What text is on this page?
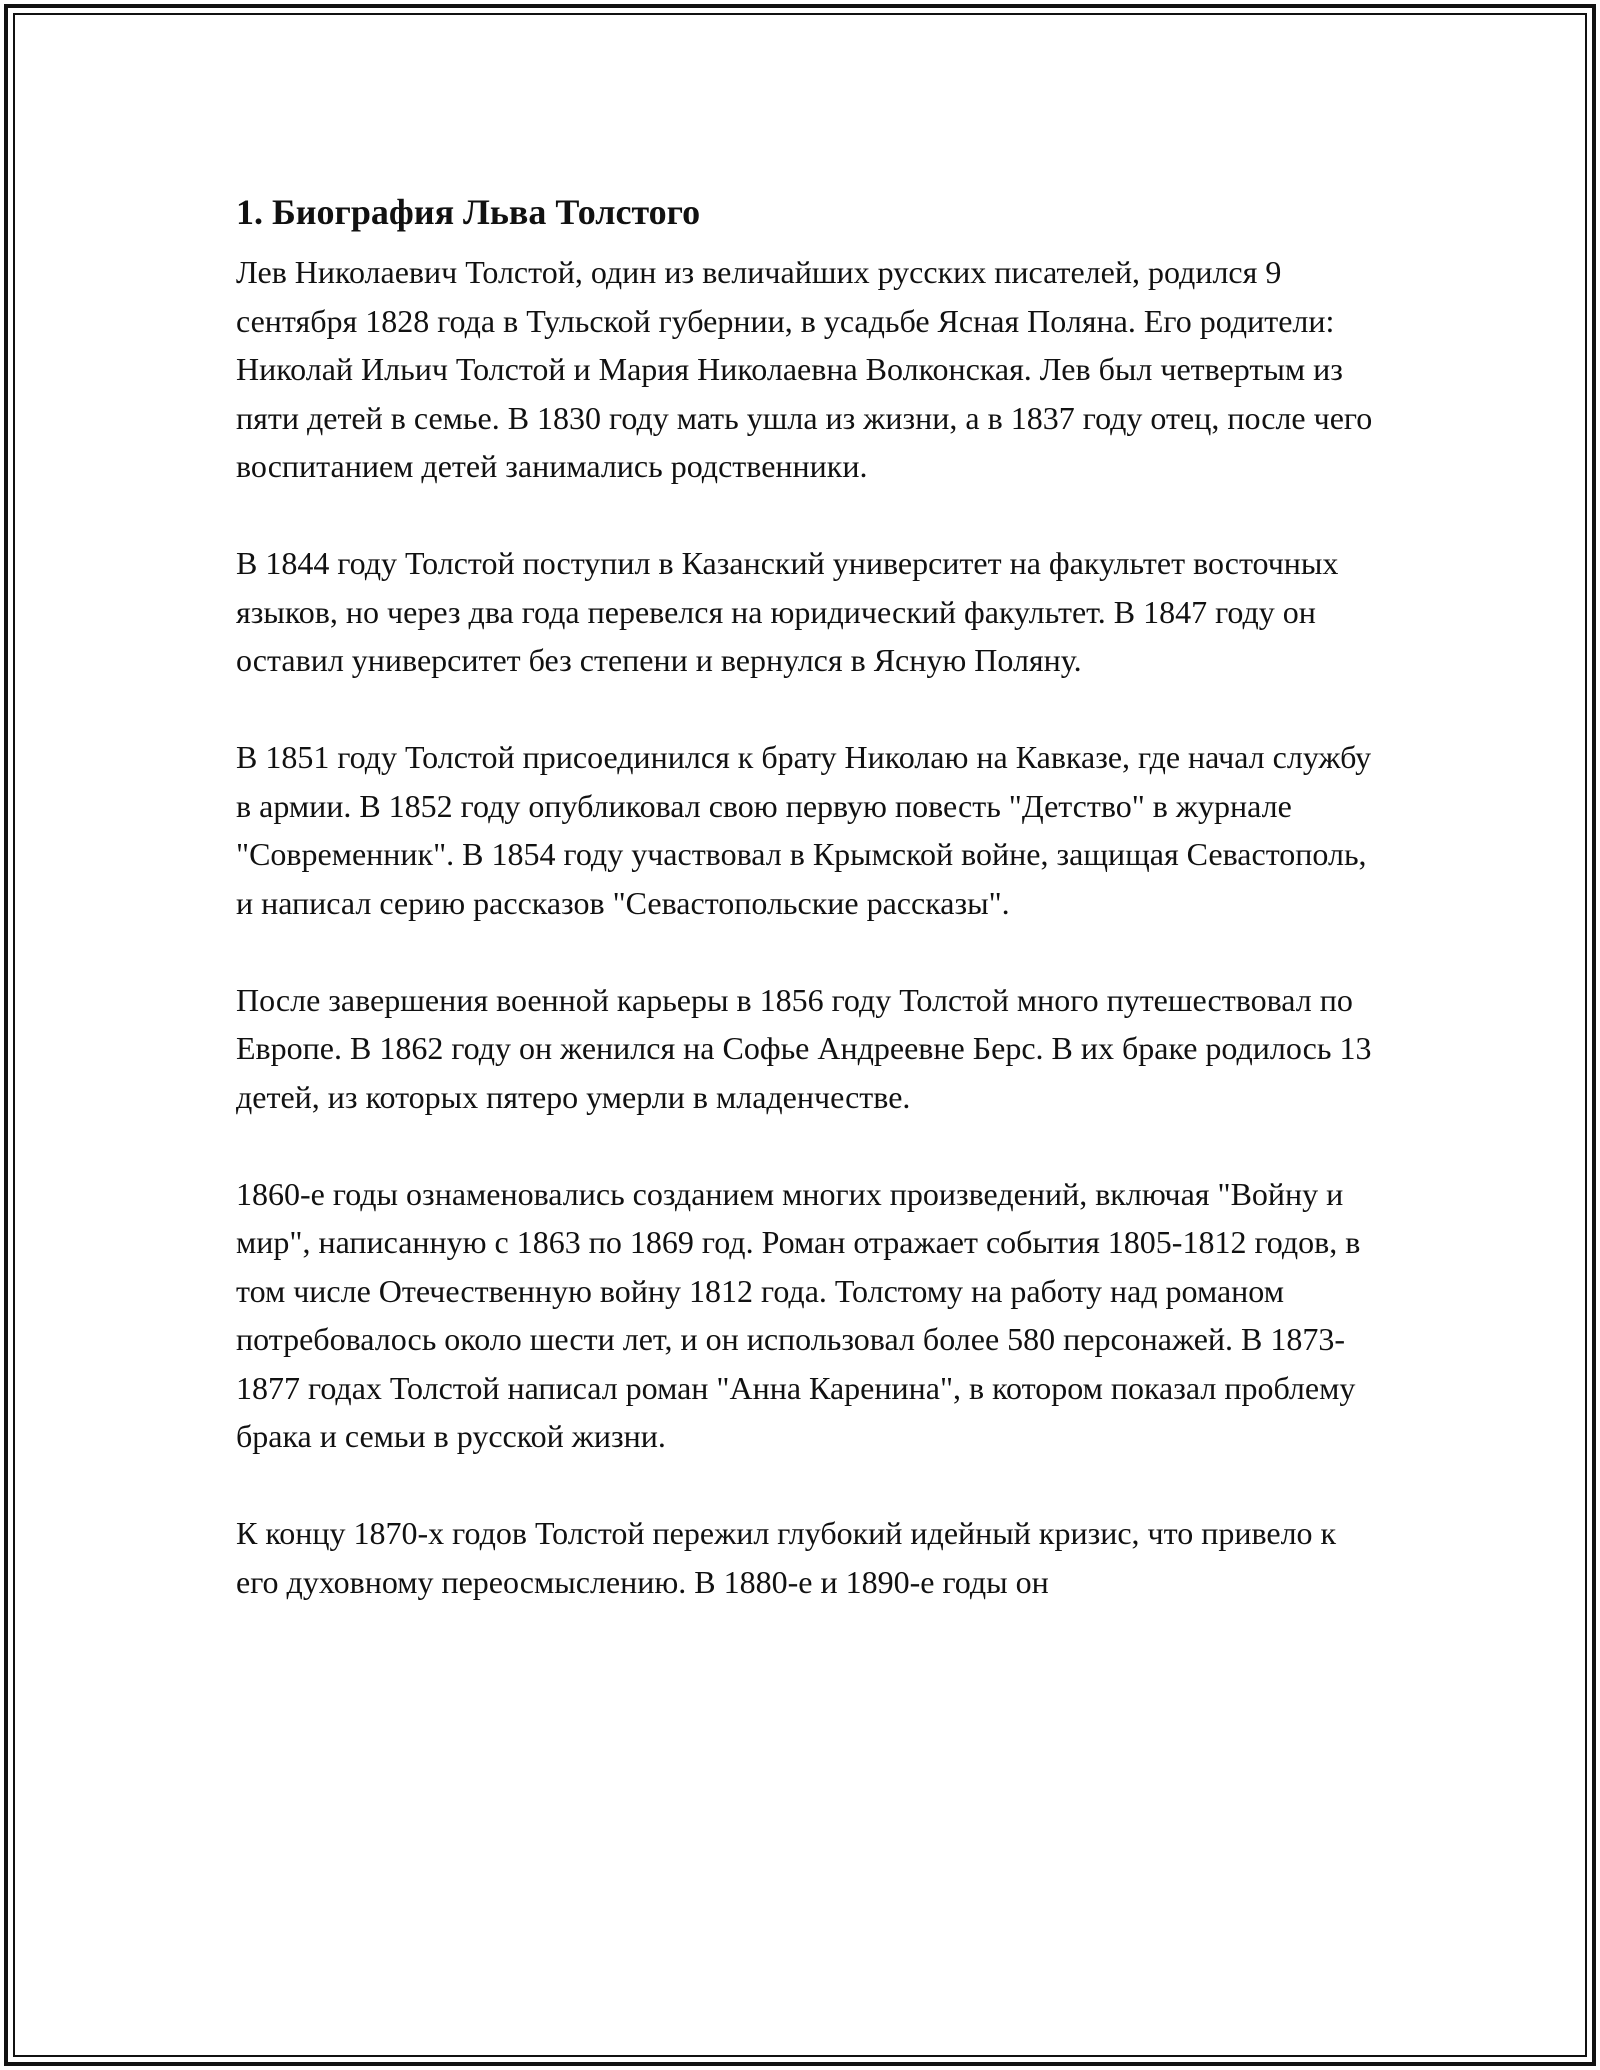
1. Биография Льва Толстого

Лев Николаевич Толстой, один из величайших русских писателей, родился 9 сентября 1828 года в Тульской губернии, в усадьбе Ясная Поляна. Его родители: Николай Ильич Толстой и Мария Николаевна Волконская. Лев был четвертым из пяти детей в семье. В 1830 году мать ушла из жизни, а в 1837 году отец, после чего воспитанием детей занимались родственники.

В 1844 году Толстой поступил в Казанский университет на факультет восточных языков, но через два года перевелся на юридический факультет. В 1847 году он оставил университет без степени и вернулся в Ясную Поляну.

В 1851 году Толстой присоединился к брату Николаю на Кавказе, где начал службу в армии. В 1852 году опубликовал свою первую повесть "Детство" в журнале "Современник". В 1854 году участвовал в Крымской войне, защищая Севастополь, и написал серию рассказов "Севастопольские рассказы".

После завершения военной карьеры в 1856 году Толстой много путешествовал по Европе. В 1862 году он женился на Софье Андреевне Берс. В их браке родилось 13 детей, из которых пятеро умерли в младенчестве.

1860-е годы ознаменовались созданием многих произведений, включая "Войну и мир", написанную с 1863 по 1869 год. Роман отражает события 1805-1812 годов, в том числе Отечественную войну 1812 года. Толстому на работу над романом потребовалось около шести лет, и он использовал более 580 персонажей. В 1873-1877 годах Толстой написал роман "Анна Каренина", в котором показал проблему брака и семьи в русской жизни.

К концу 1870-х годов Толстой пережил глубокий идейный кризис, что привело к его духовному переосмыслению. В 1880-е и 1890-е годы он
